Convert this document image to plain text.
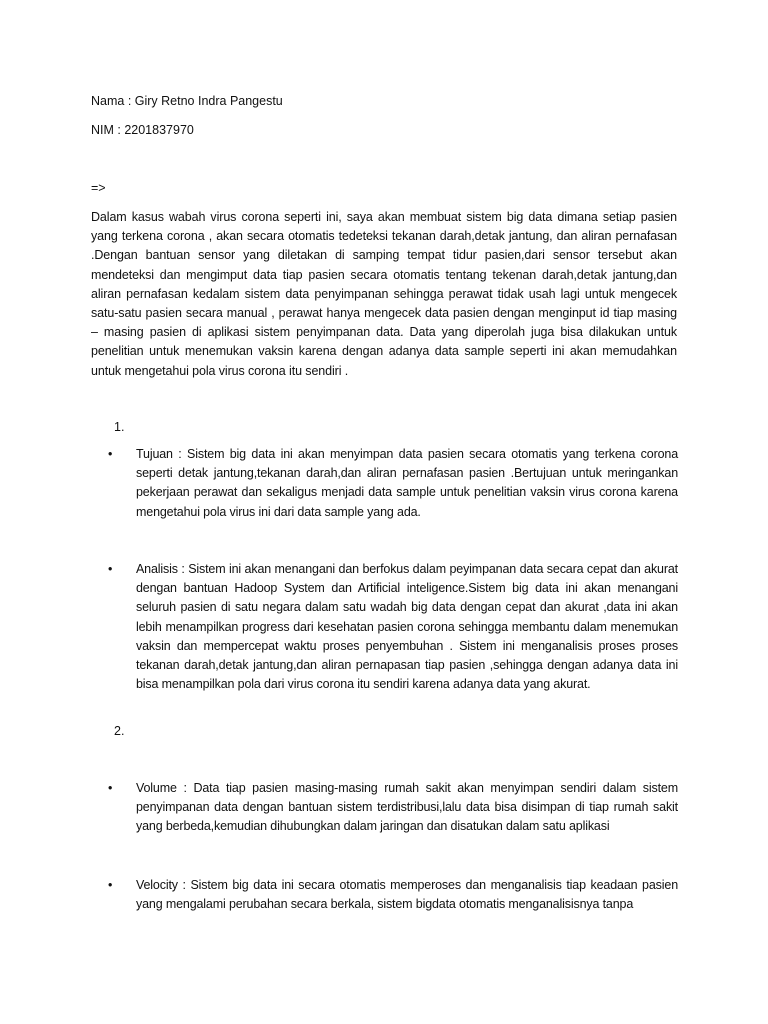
Nama : Giry Retno Indra Pangestu

NIM : 2201837970

=>

Dalam kasus wabah virus corona seperti ini, saya akan membuat sistem big data dimana setiap pasien yang terkena corona , akan secara otomatis tedeteksi tekanan darah,detak jantung, dan aliran pernafasan .Dengan bantuan sensor yang diletakan di samping tempat tidur pasien,dari sensor tersebut akan mendeteksi dan mengimput data tiap pasien secara otomatis tentang tekenan darah,detak jantung,dan aliran pernafasan kedalam sistem data penyimpanan sehingga perawat tidak usah lagi untuk mengecek satu-satu pasien secara manual , perawat hanya mengecek data pasien dengan menginput id tiap masing – masing pasien di aplikasi sistem penyimpanan data. Data yang diperolah juga bisa dilakukan untuk penelitian untuk menemukan vaksin karena dengan adanya data sample seperti ini akan memudahkan untuk mengetahui pola virus corona itu sendiri .

1.

• Tujuan : Sistem big data ini akan menyimpan data pasien secara otomatis yang terkena corona seperti detak jantung,tekanan darah,dan aliran pernafasan pasien .Bertujuan untuk meringankan pekerjaan perawat dan sekaligus menjadi data sample untuk penelitian vaksin virus corona karena mengetahui pola virus ini dari data sample yang ada.

• Analisis : Sistem ini akan menangani dan berfokus dalam peyimpanan data secara cepat dan akurat dengan bantuan Hadoop System dan Artificial inteligence.Sistem big data ini akan menangani seluruh pasien di satu negara dalam satu wadah big data dengan cepat dan akurat ,data ini akan lebih menampilkan progress dari kesehatan pasien corona sehingga membantu dalam menemukan vaksin dan mempercepat waktu proses penyembuhan . Sistem ini menganalisis proses proses tekanan darah,detak jantung,dan aliran pernapasan tiap pasien ,sehingga dengan adanya data ini bisa menampilkan pola dari virus corona itu sendiri karena adanya data yang akurat.

2.

• Volume : Data tiap pasien masing-masing rumah sakit akan menyimpan sendiri dalam sistem penyimpanan data dengan bantuan sistem terdistribusi,lalu data bisa disimpan di tiap rumah sakit yang berbeda,kemudian dihubungkan dalam jaringan dan disatukan dalam satu aplikasi

• Velocity : Sistem big data ini secara otomatis memperoses dan menganalisis tiap keadaan pasien yang mengalami perubahan secara berkala, sistem bigdata otomatis menganalisisnya tanpa
